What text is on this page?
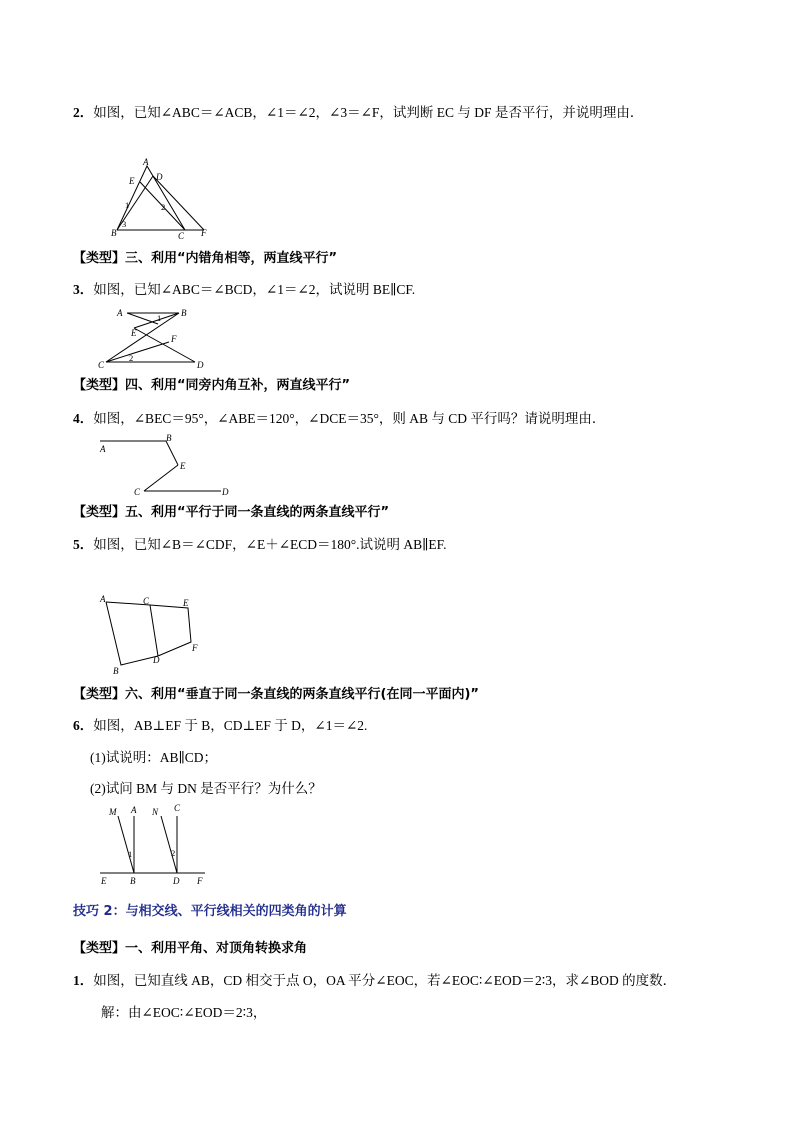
2．如图，已知∠ABC＝∠ACB，∠1＝∠2，∠3＝∠F，试判断 EC 与 DF 是否平行，并说明理由．
A
E D
B	C F
1	2
3
【类型】三、利用“内错角相等，两直线平行”
3．如图，已知∠ABC＝∠BCD，∠1＝∠2，试说明 BE∥CF.
A	B
E
F
C	D
1
2
【类型】四、利用“同旁内角互补，两直线平行”
4．如图，∠BEC＝95°，∠ABE＝120°，∠DCE＝35°，则 AB 与 CD 平行吗？请说明理由．
A
B
E
C	D
【类型】五、利用“平行于同一条直线的两条直线平行”
5．如图，已知∠B＝∠CDF，∠E＋∠ECD＝180°.试说明 AB∥EF.
A	C	E
B
D
F
【类型】六、利用“垂直于同一条直线的两条直线平行(在同一平面内)”
6．如图，AB⊥EF 于 B，CD⊥EF 于 D，∠1＝∠2.
(1)试说明：AB∥CD；
(2)试问 BM 与 DN 是否平行？为什么？
M A N C
1	2
E	B	D F
技巧 2：与相交线、平行线相关的四类角的计算
【类型】一、利用平角、对顶角转换求角
1．如图，已知直线 AB，CD 相交于点 O，OA 平分∠EOC，若∠EOC∶∠EOD＝2∶3，求∠BOD 的度数．
解：由∠EOC∶∠EOD＝2∶3，
